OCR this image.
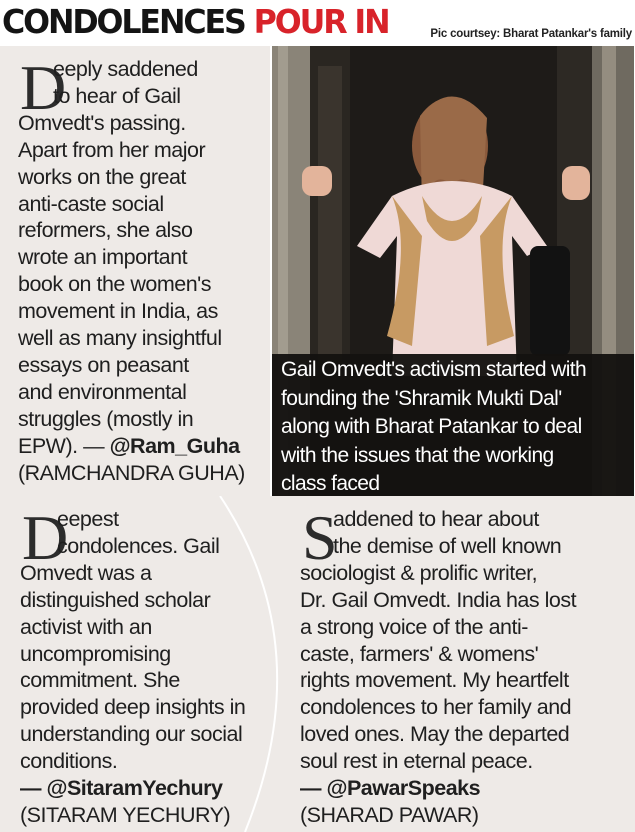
CONDOLENCES POUR IN	Pic courtsey: Bharat Patankar's family
D
eeply saddened
to hear of Gail
Omvedt's passing.
Apart from her major
works on the great
anti-caste social
reformers, she also
wrote an important
book on the women's
movement in India, as
well as many insightful
essays on peasant
and environmental
struggles (mostly in
EPW). — @Ram_Guha
(RAMCHANDRA GUHA)
Gail Omvedt's activism started with
founding the 'Shramik Mukti Dal'
along with Bharat Patankar to deal
with the issues that the working
class faced
D
eepest
condolences. Gail
Omvedt was a
distinguished scholar
activist with an
uncompromising
commitment. She
provided deep insights in
understanding our social
conditions.
— @SitaramYechury
(SITARAM YECHURY)
S
addened to hear about
the demise of well known
sociologist & prolific writer,
Dr. Gail Omvedt. India has lost
a strong voice of the anti-
caste, farmers' & womens'
rights movement. My heartfelt
condolences to her family and
loved ones. May the departed
soul rest in eternal peace.
— @PawarSpeaks
(SHARAD PAWAR)
